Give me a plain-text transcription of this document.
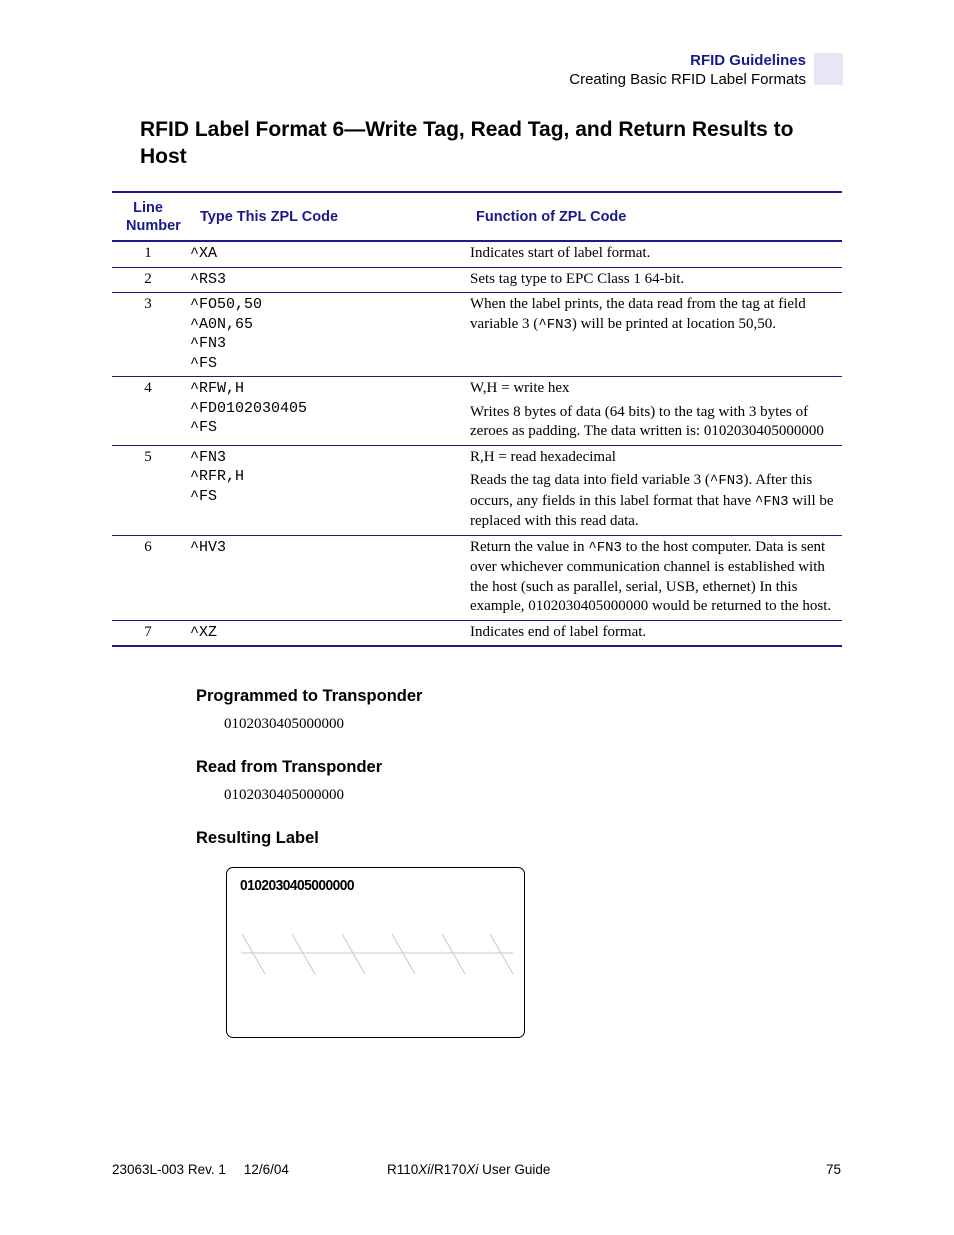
RFID Guidelines
Creating Basic RFID Label Formats
RFID Label Format 6—Write Tag, Read Tag, and Return Results to Host
Line Number	Type This ZPL Code	Function of ZPL Code
1	^XA	Indicates start of label format.

2	^RS3	Sets tag type to EPC Class 1 64-bit.

3	^FO50,50
^A0N,65
^FN3
^FS	When the label prints, the data read from the tag at field variable 3 (^FN3) will be printed at location 50,50.

4	^RFW,H
^FD0102030405
^FS	W,H = write hex
Writes 8 bytes of data (64 bits) to the tag with 3 bytes of zeroes as padding. The data written is: 0102030405000000

5	^FN3
^RFR,H
^FS	R,H = read hexadecimal
Reads the tag data into field variable 3 (^FN3). After this occurs, any fields in this label format that have ^FN3 will be replaced with this read data.

6	^HV3	Return the value in ^FN3 to the host computer. Data is sent over whichever communication channel is established with the host (such as parallel, serial, USB, ethernet) In this example, 0102030405000000 would be returned to the host.

7	^XZ	Indicates end of label format.
Programmed to Transponder
0102030405000000
Read from Transponder
0102030405000000
Resulting Label
0102030405000000
23063L-003 Rev. 1 12/6/04	R110Xi/R170Xi User Guide	75
